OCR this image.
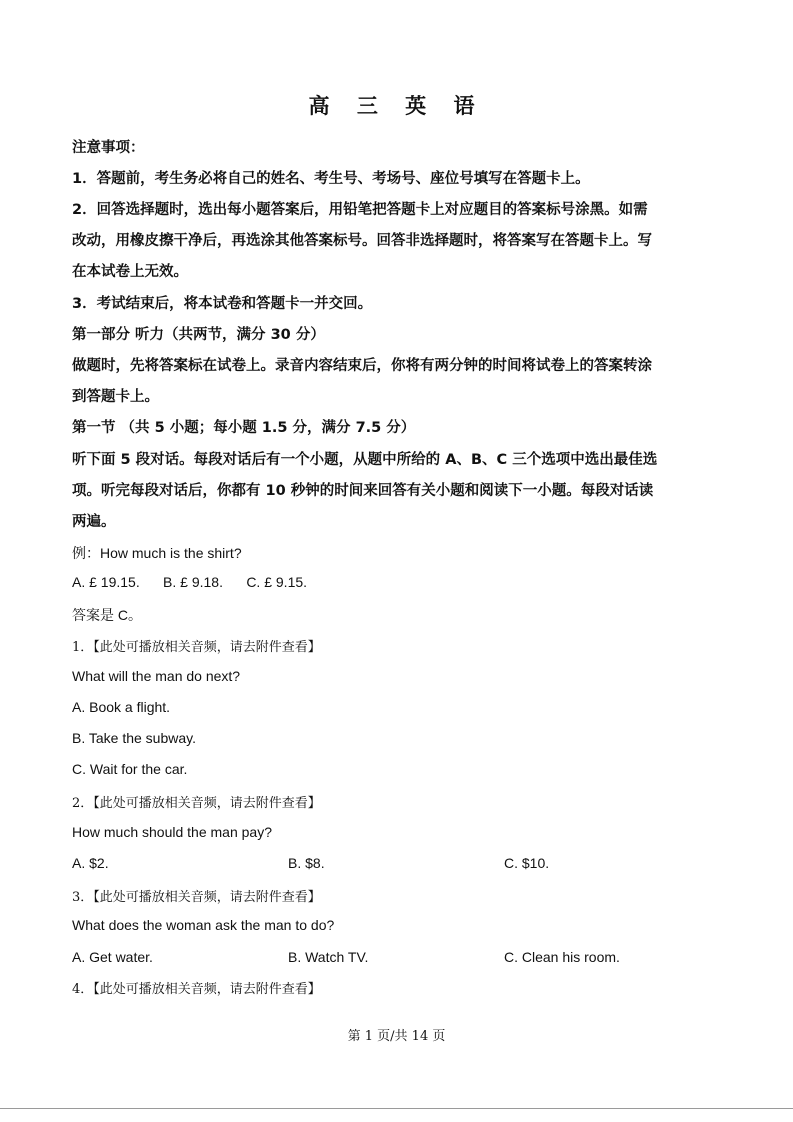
高 三 英 语
注意事项：
1．答题前，考生务必将自己的姓名、考生号、考场号、座位号填写在答题卡上。
2．回答选择题时，选出每小题答案后，用铅笔把答题卡上对应题目的答案标号涂黑。如需
改动，用橡皮擦干净后，再选涂其他答案标号。回答非选择题时，将答案写在答题卡上。写
在本试卷上无效。
3．考试结束后，将本试卷和答题卡一并交回。
第一部分 听力（共两节，满分 30 分）
做题时，先将答案标在试卷上。录音内容结束后，你将有两分钟的时间将试卷上的答案转涂
到答题卡上。
第一节 （共 5 小题；每小题 1.5 分，满分 7.5 分）
听下面 5 段对话。每段对话后有一个小题，从题中所给的 A、B、C 三个选项中选出最佳选
项。听完每段对话后，你都有 10 秒钟的时间来回答有关小题和阅读下一小题。每段对话读
两遍。
例：How much is the shirt?
A. £ 19.15.      B. £ 9.18.      C. £ 9.15.
答案是 C。
1．【此处可播放相关音频，请去附件查看】
What will the man do next?
A. Book a flight.
B. Take the subway.
C. Wait for the car.
2．【此处可播放相关音频，请去附件查看】
How much should the man pay?
A. $2.	B. $8.	C. $10.
3．【此处可播放相关音频，请去附件查看】
What does the woman ask the man to do?
A. Get water.	B. Watch TV.	C. Clean his room.
4．【此处可播放相关音频，请去附件查看】
第 1 页/共 14 页
